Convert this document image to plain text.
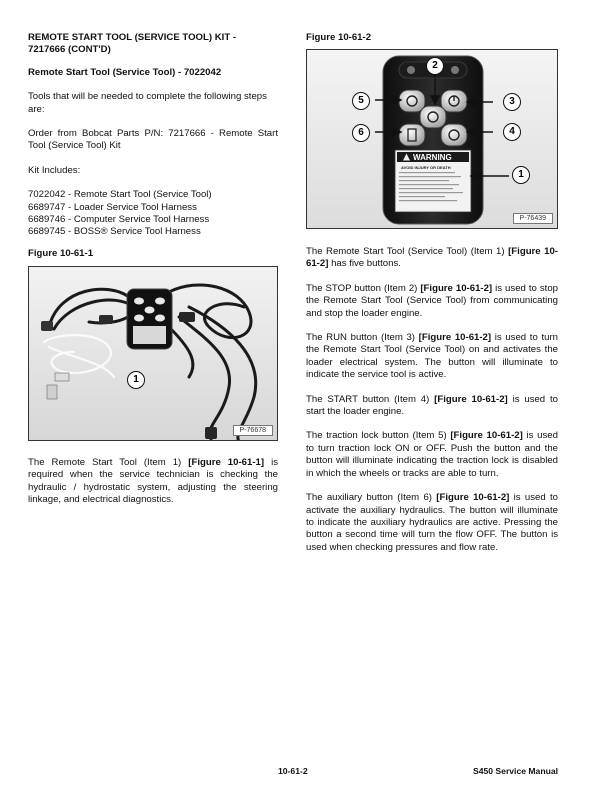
REMOTE START TOOL (SERVICE TOOL) KIT -
7217666 (CONT'D)

Remote Start Tool (Service Tool) - 7022042

Tools that will be needed to complete the following steps are:

Order from Bobcat Parts P/N: 7217666 - Remote Start Tool (Service Tool) Kit

Kit Includes:

7022042 - Remote Start Tool (Service Tool)
6689747 - Loader Service Tool Harness
6689746 - Computer Service Tool Harness
6689745 - BOSS® Service Tool Harness
Figure 10-61-1
1
P-76678

The Remote Start Tool (Item 1) [Figure 10-61-1] is required when the service technician is checking the hydraulic / hydrostatic system, adjusting the steering linkage, and electrical diagnostics.

Figure 10-61-2
WARNING
AVOID INJURY OR DEATH
2
5	3
6	4
1
P-76439

The Remote Start Tool (Service Tool) (Item 1) [Figure 10-61-2] has five buttons.

The STOP button (Item 2) [Figure 10-61-2] is used to stop the Remote Start Tool (Service Tool) from communicating and stop the loader engine.

The RUN button (Item 3) [Figure 10-61-2] is used to turn the Remote Start Tool (Service Tool) on and activates the loader electrical system. The button will illuminate to indicate the service tool is active.

The START button (Item 4) [Figure 10-61-2] is used to start the loader engine.

The traction lock button (Item 5) [Figure 10-61-2] is used to turn traction lock ON or OFF. Push the button and the button will illuminate indicating the traction lock is disabled in which the wheels or tracks are able to turn.

The auxiliary button (Item 6) [Figure 10-61-2] is used to activate the auxiliary hydraulics. The button will illuminate to indicate the auxiliary hydraulics are active. Pressing the button a second time will turn the flow OFF. The button is used when checking pressures and flow rate.

10-61-2	S450 Service Manual
